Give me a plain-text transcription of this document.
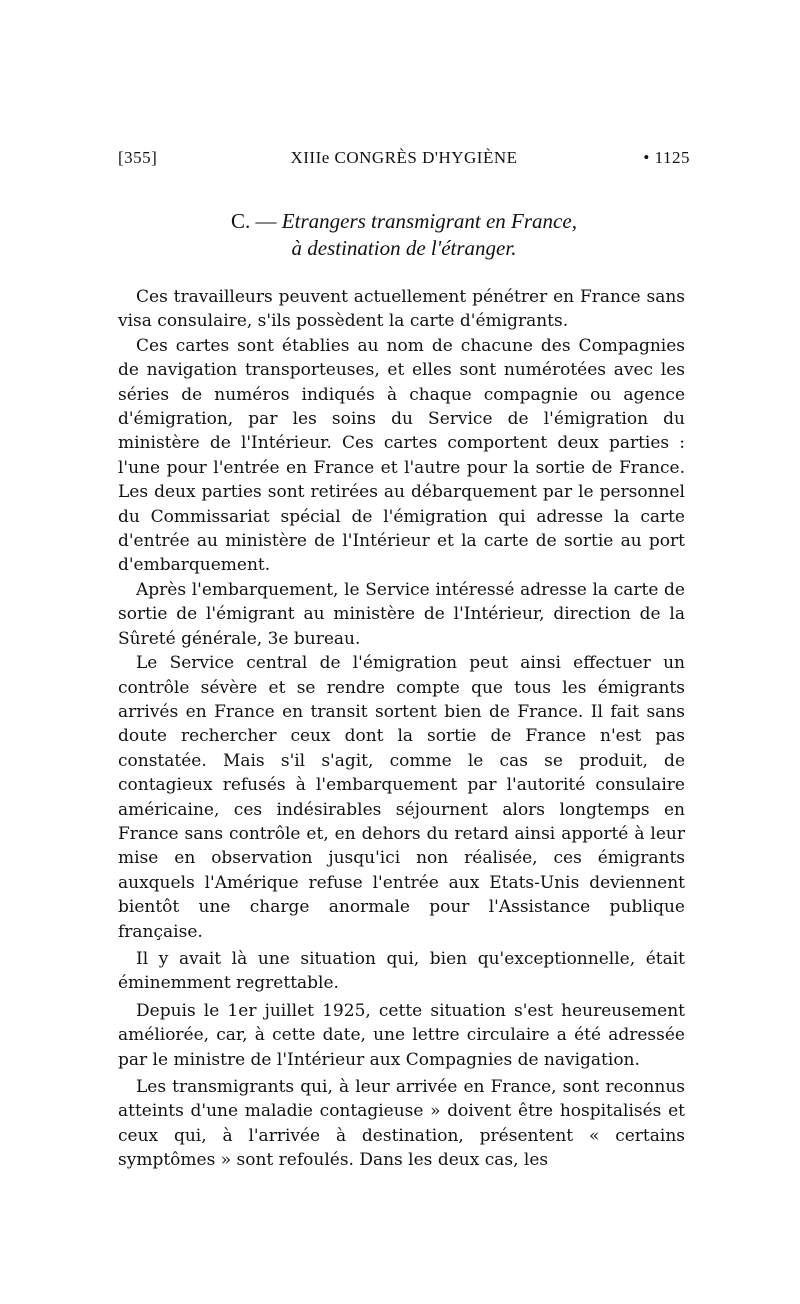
[355]	XIIIe CONGRÈS D'HYGIÈNE	• 1125
C. — Etrangers transmigrant en France,
à destination de l'étranger.

Ces travailleurs peuvent actuellement pénétrer en France sans visa consulaire, s'ils possèdent la carte d'émigrants.

Ces cartes sont établies au nom de chacune des Compagnies de navigation transporteuses, et elles sont numérotées avec les séries de numéros indiqués à chaque compagnie ou agence d'émigration, par les soins du Service de l'émigration du ministère de l'Intérieur. Ces cartes comportent deux parties : l'une pour l'entrée en France et l'autre pour la sortie de France. Les deux parties sont retirées au débarquement par le personnel du Commissariat spécial de l'émigration qui adresse la carte d'entrée au ministère de l'Intérieur et la carte de sortie au port d'embarquement.

Après l'embarquement, le Service intéressé adresse la carte de sortie de l'émigrant au ministère de l'Intérieur, direction de la Sûreté générale, 3e bureau.

Le Service central de l'émigration peut ainsi effectuer un contrôle sévère et se rendre compte que tous les émigrants arrivés en France en transit sortent bien de France. Il fait sans doute rechercher ceux dont la sortie de France n'est pas constatée. Mais s'il s'agit, comme le cas se produit, de contagieux refusés à l'embarquement par l'autorité consulaire américaine, ces indésirables séjournent alors longtemps en France sans contrôle et, en dehors du retard ainsi apporté à leur mise en observation jusqu'ici non réalisée, ces émigrants auxquels l'Amérique refuse l'entrée aux Etats-Unis deviennent bientôt une charge anormale pour l'Assistance publique française.

Il y avait là une situation qui, bien qu'exceptionnelle, était éminemment regrettable.

Depuis le 1er juillet 1925, cette situation s'est heureusement améliorée, car, à cette date, une lettre circulaire a été adressée par le ministre de l'Intérieur aux Compagnies de navigation.

Les transmigrants qui, à leur arrivée en France, sont reconnus atteints d'une maladie contagieuse » doivent être hospitalisés et ceux qui, à l'arrivée à destination, présentent « certains symptômes » sont refoulés. Dans les deux cas, les
